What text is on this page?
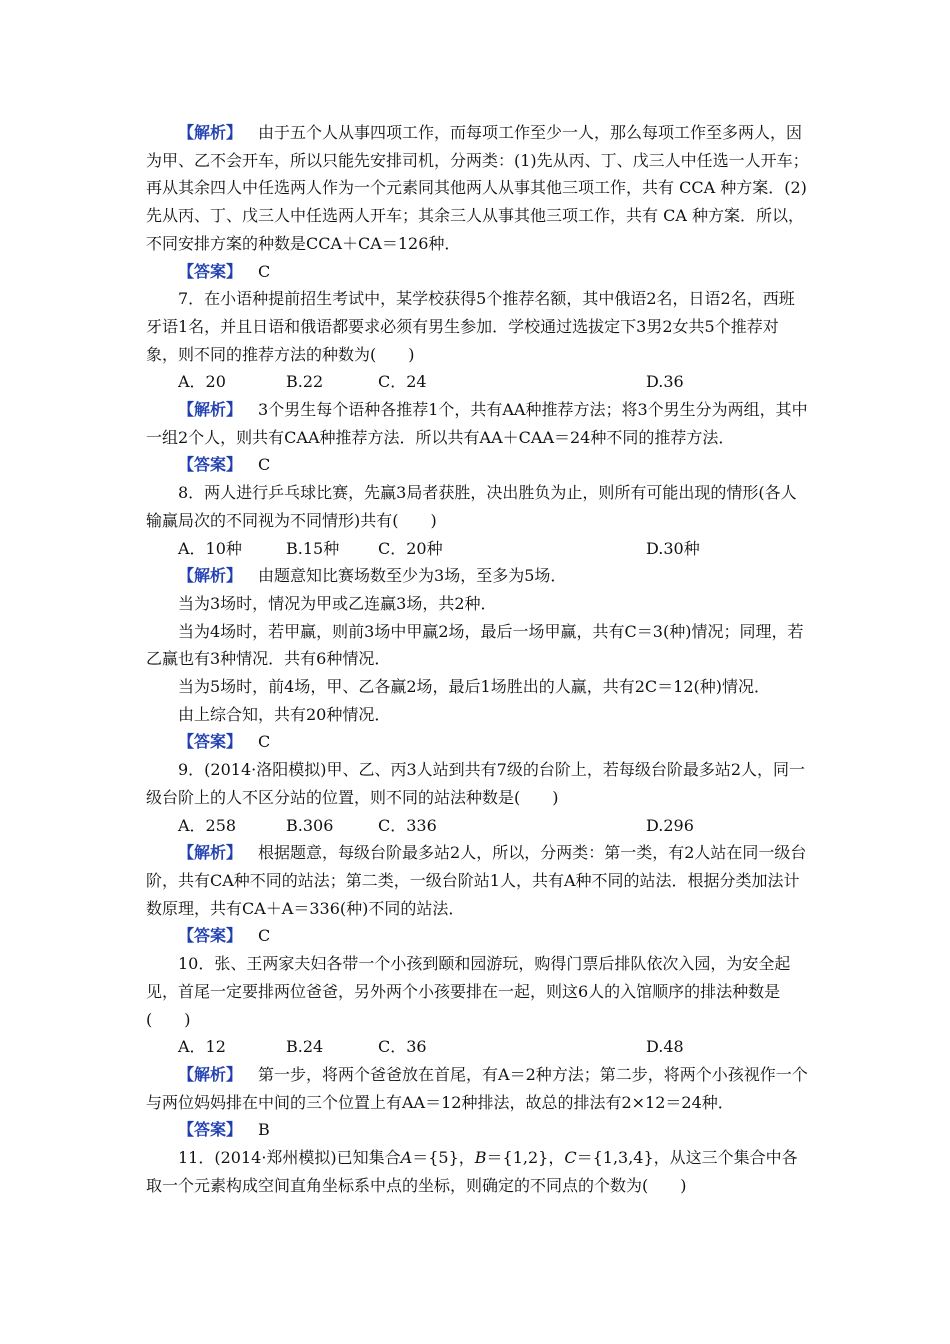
【解析】 由于五个人从事四项工作，而每项工作至少一人，那么每项工作至多两人，因为甲、乙不会开车，所以只能先安排司机，分两类：(1)先从丙、丁、戊三人中任选一人开车；再从其余四人中任选两人作为一个元素同其他两人从事其他三项工作，共有 CCA 种方案．(2)先从丙、丁、戊三人中任选两人开车；其余三人从事其他三项工作，共有 CA 种方案．所以，不同安排方案的种数是CCA＋CA＝126种．

【答案】 C

7．在小语种提前招生考试中，某学校获得5个推荐名额，其中俄语2名，日语2名，西班牙语1名，并且日语和俄语都要求必须有男生参加．学校通过选拔定下3男2女共5个推荐对象，则不同的推荐方法的种数为(　　)

A．20	B.22	C．24	D.36

【解析】 3个男生每个语种各推荐1个，共有AA种推荐方法；将3个男生分为两组，其中一组2个人，则共有CAA种推荐方法．所以共有AA＋CAA＝24种不同的推荐方法．

【答案】 C

8．两人进行乒乓球比赛，先赢3局者获胜，决出胜负为止，则所有可能出现的情形(各人输赢局次的不同视为不同情形)共有(　　)

A．10种	B.15种	C．20种	D.30种

【解析】 由题意知比赛场数至少为3场，至多为5场．

当为3场时，情况为甲或乙连赢3场，共2种．

当为4场时，若甲赢，则前3场中甲赢2场，最后一场甲赢，共有C＝3(种)情况；同理，若乙赢也有3种情况．共有6种情况．

当为5场时，前4场，甲、乙各赢2场，最后1场胜出的人赢，共有2C＝12(种)情况．

由上综合知，共有20种情况．

【答案】 C

9．(2014·洛阳模拟)甲、乙、丙3人站到共有7级的台阶上，若每级台阶最多站2人，同一级台阶上的人不区分站的位置，则不同的站法种数是(　　)

A．258	B.306	C．336	D.296

【解析】 根据题意，每级台阶最多站2人，所以，分两类：第一类，有2人站在同一级台阶，共有CA种不同的站法；第二类，一级台阶站1人，共有A种不同的站法．根据分类加法计数原理，共有CA＋A＝336(种)不同的站法．

【答案】 C

10．张、王两家夫妇各带一个小孩到颐和园游玩，购得门票后排队依次入园，为安全起见，首尾一定要排两位爸爸，另外两个小孩要排在一起，则这6人的入馆顺序的排法种数是(　　)

A．12	B.24	C．36	D.48

【解析】 第一步，将两个爸爸放在首尾，有A＝2种方法；第二步，将两个小孩视作一个与两位妈妈排在中间的三个位置上有AA＝12种排法，故总的排法有2×12＝24种．

【答案】 B

11．(2014·郑州模拟)已知集合A＝{5}，B＝{1,2}，C＝{1,3,4}，从这三个集合中各取一个元素构成空间直角坐标系中点的坐标，则确定的不同点的个数为(　　)
